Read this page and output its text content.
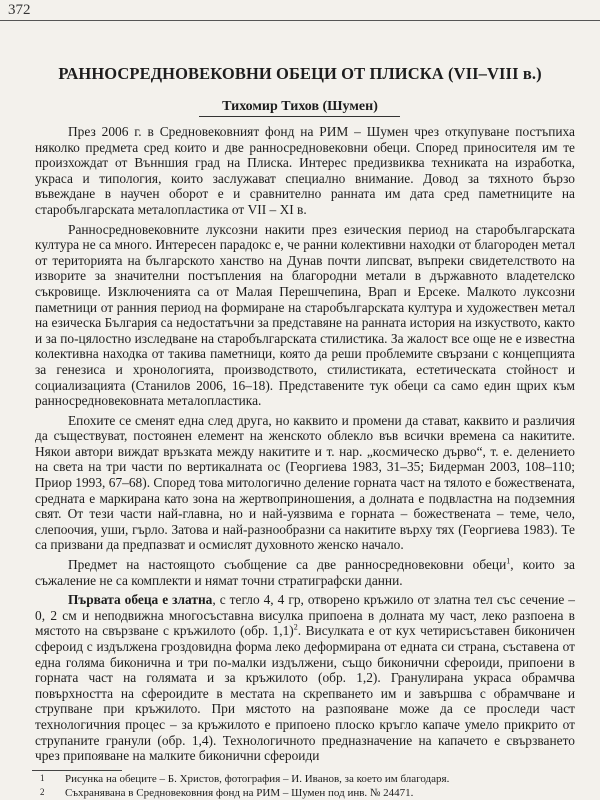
372
РАННОСРЕДНОВЕКОВНИ ОБЕЦИ ОТ ПЛИСКА (VII–VIII в.)
Тихомир Тихов (Шумен)

През 2006 г. в Средновековният фонд на РИМ – Шумен чрез откупуване постъпиха няколко предмета сред които и две ранносредновековни обеци. Според приносителя им те произхождат от Вънншия град на Плиска. Интерес предизвиква техниката на изработка, украса и типология, които заслужават специално внимание. Довод за тяхното бързо въвеждане в научен оборот е и сравнително ранната им дата сред паметниците на старобългарската металопластика от VII – XI в.

Ранносредновековните луксозни накити през езическия период на старобългарската култура не са много. Интересен парадокс е, че ранни колективни находки от благороден метал от територията на българското ханство на Дунав почти липсват, въпреки свидетелството на изворите за значителни постъпления на благородни метали в държавното владетелско съкровище. Изключенията са от Малая Перешчепина, Врап и Ерсеке. Малкото луксозни паметници от ранния период на формиране на старобългарската култура и художествен метал на езическа България са недостатъчни за представяне на ранната история на изкуството, както и за по-цялостно изследване на старобългарската стилистика. За жалост все още не е известна колективна находка от такива паметници, която да реши проблемите свързани с концепцията за генезиса и хронологията, производството, стилистиката, естетическата стойност и социализацията (Станилов 2006, 16–18). Представените тук обеци са само един щрих към ранносредновековната металопластика.

Епохите се сменят една след друга, но каквито и промени да стават, каквито и различия да съществуват, постоянен елемент на женското облекло във всички времена са накитите. Някои автори виждат връзката между накитите и т. нар. „космическо дърво“, т. е. делението на света на три части по вертикалната ос (Георгиева 1983, 31–35; Бидерман 2003, 108–110; Приор 1993, 67–68). Според това митологично деление горната част на тялото е божествената, средната е маркирана като зона на жертвоприношения, а долната е подвластна на подземния свят. От тези части най-главна, но и най-уязвима е горната – божествената – теме, чело, слепоочия, уши, гърло. Затова и най-разнообразни са накитите върху тях (Георгиева 1983). Те са призвани да предпазват и осмислят духовното женско начало.

Предмет на настоящото съобщение са две ранносредновековни обеци$^1$, които за съжаление не са комплекти и нямат точни стратиграфски данни.

Първата обеца е златна, с тегло 4, 4 гр, отворено кръжило от златна тел със сечение – 0, 2 см и неподвижна многосъставна висулка припоена в долната му част, леко разпоена в мястото на свързване с кръжилото (обр. 1,1)$^2$. Висулката е от кух четирисъставен биконичен сфероид с издължена гроздовидна форма леко деформирана от едната си страна, съставена от една голяма биконична и три по-малки издължени, също биконични сфероиди, припоени в горната част на голямата и за кръжилото (обр. 1,2). Гранулирана украса обрамчва повърхността на сфероидите в местата на скрепването им и завършва с обрамчване и струпване при кръжилото. При мястото на разпояване може да се проследи част технологичния процес – за кръжилото е припоено плоско кръгло капаче умело прикрито от струпаните гранули (обр. 1,4). Технологичното предназначение на капачето е свързването чрез припояване на малките биконични сфероиди

1 Рисунка на обеците – Б. Христов, фотография – И. Иванов, за което им благодаря.
2 Съхранявана в Средновековния фонд на РИМ – Шумен под инв. № 24471.
